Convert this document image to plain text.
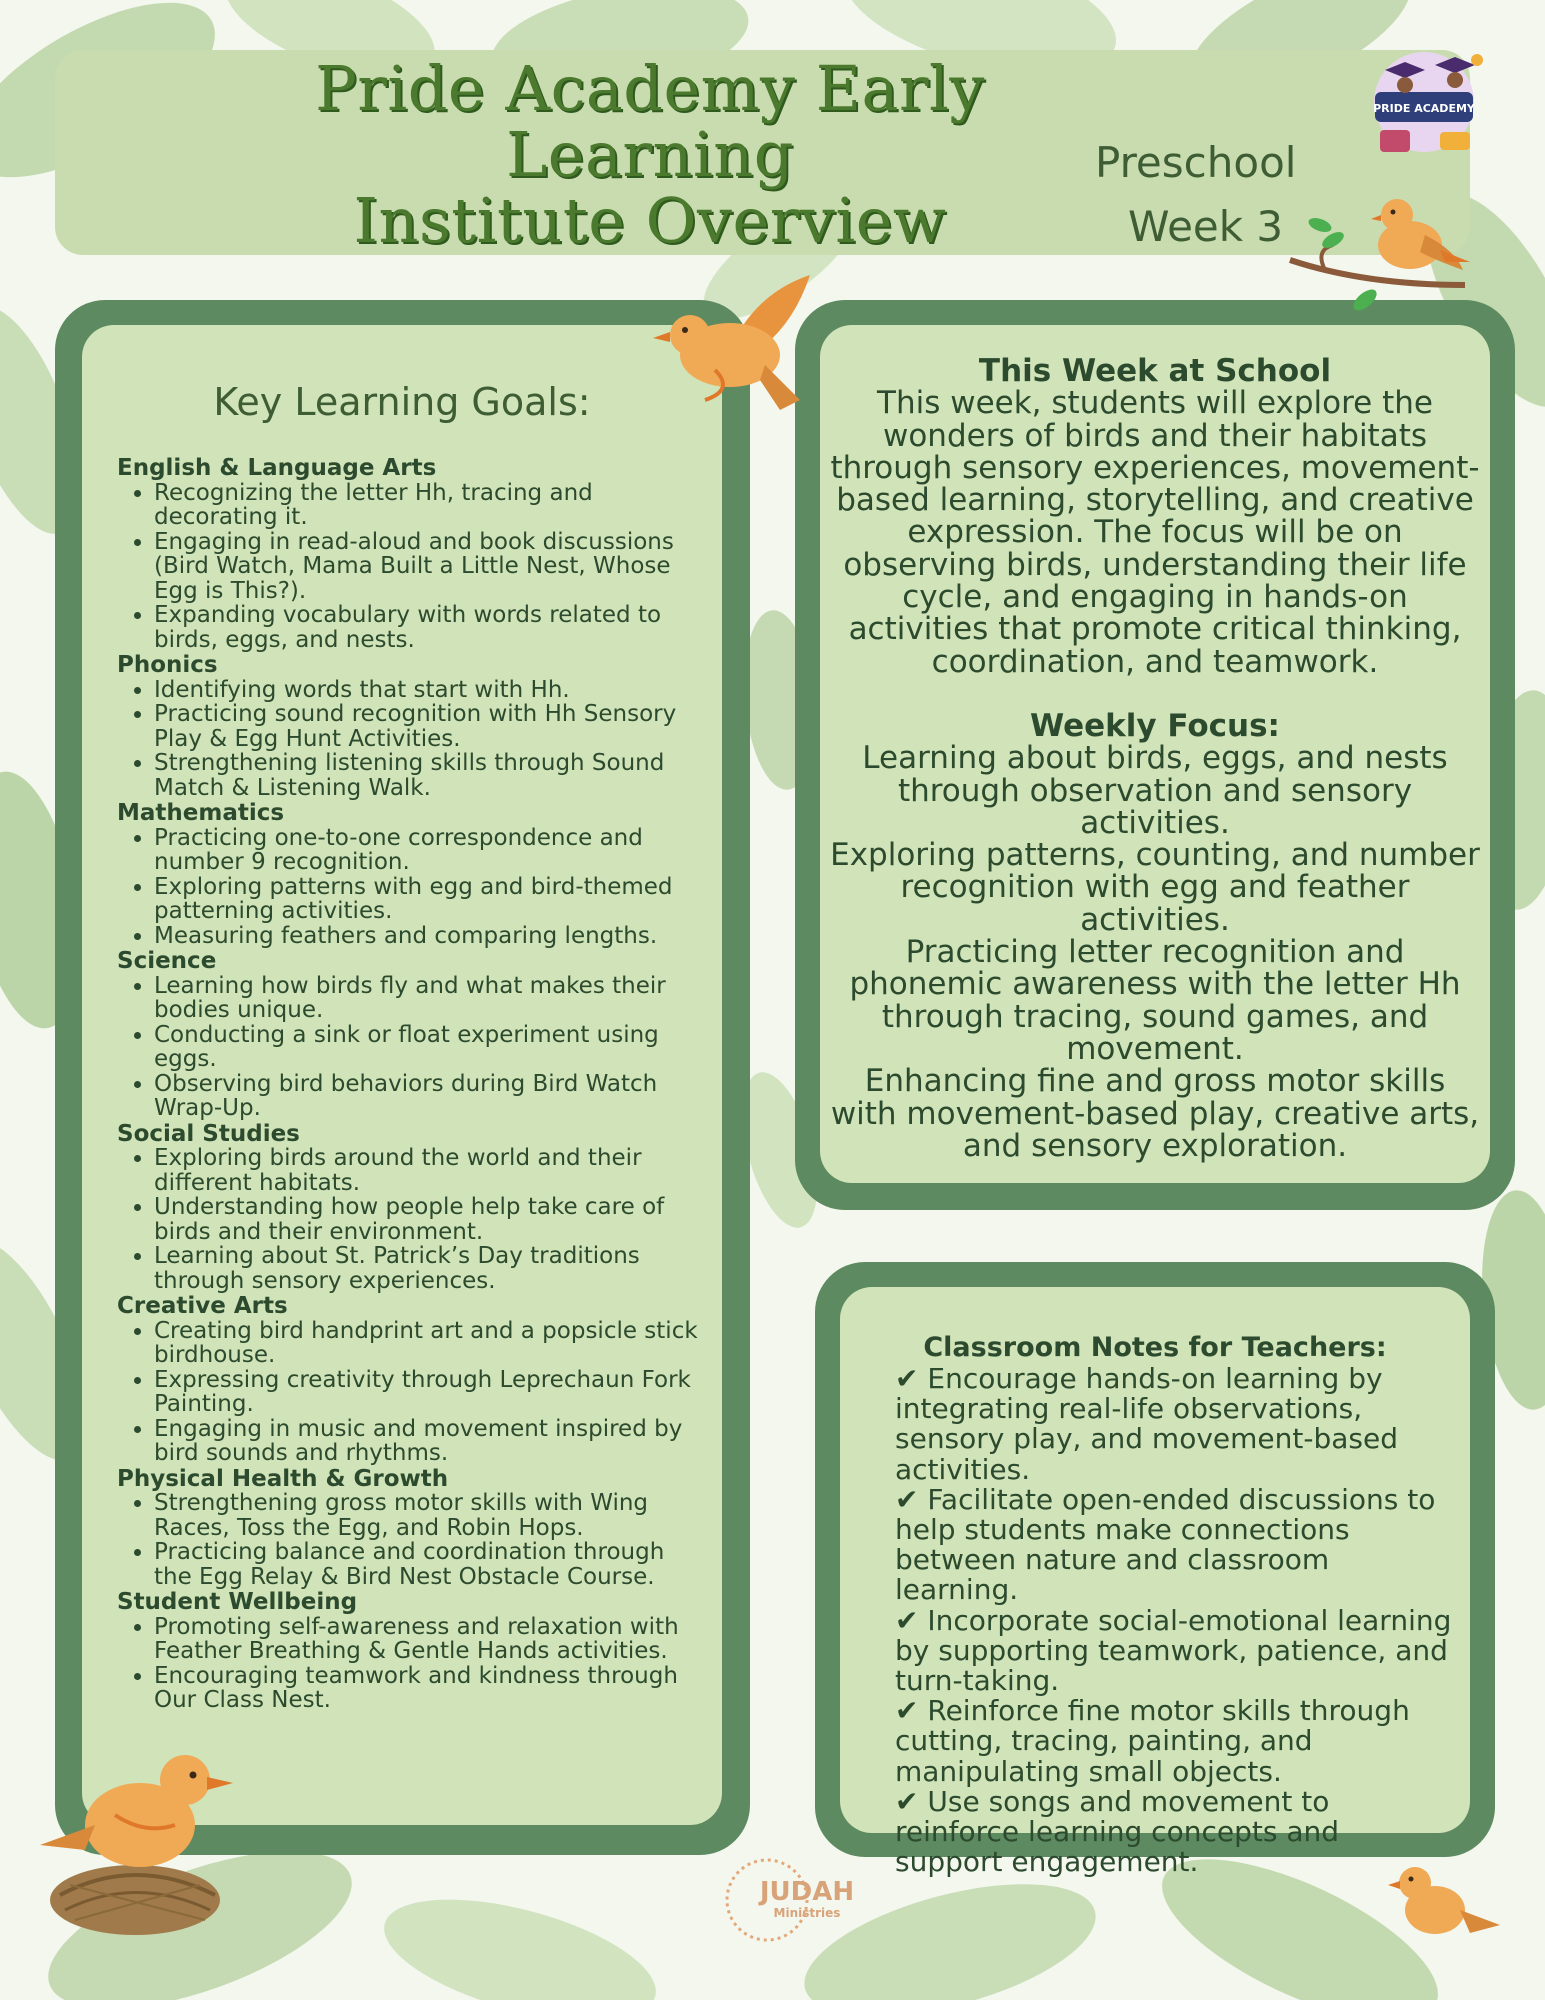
Pride Academy Early Learning
Institute Overview
Preschool
Week 3
PRIDE ACADEMY
Key Learning Goals:
English & Language Arts
• Recognizing the letter Hh, tracing and decorating it.
• Engaging in read-aloud and book discussions (Bird Watch, Mama Built a Little Nest, Whose Egg is This?).
• Expanding vocabulary with words related to birds, eggs, and nests.
Phonics
• Identifying words that start with Hh.
• Practicing sound recognition with Hh Sensory Play & Egg Hunt Activities.
• Strengthening listening skills through Sound Match & Listening Walk.
Mathematics
• Practicing one-to-one correspondence and number 9 recognition.
• Exploring patterns with egg and bird-themed patterning activities.
• Measuring feathers and comparing lengths.
Science
• Learning how birds fly and what makes their bodies unique.
• Conducting a sink or float experiment using eggs.
• Observing bird behaviors during Bird Watch Wrap-Up.
Social Studies
• Exploring birds around the world and their different habitats.
• Understanding how people help take care of birds and their environment.
• Learning about St. Patrick’s Day traditions through sensory experiences.
Creative Arts
• Creating bird handprint art and a popsicle stick birdhouse.
• Expressing creativity through Leprechaun Fork Painting.
• Engaging in music and movement inspired by bird sounds and rhythms.
Physical Health & Growth
• Strengthening gross motor skills with Wing Races, Toss the Egg, and Robin Hops.
• Practicing balance and coordination through the Egg Relay & Bird Nest Obstacle Course.
Student Wellbeing
• Promoting self-awareness and relaxation with Feather Breathing & Gentle Hands activities.
• Encouraging teamwork and kindness through Our Class Nest.
This Week at School
This week, students will explore the wonders of birds and their habitats through sensory experiences, movement-based learning, storytelling, and creative expression. The focus will be on observing birds, understanding their life cycle, and engaging in hands-on activities that promote critical thinking, coordination, and teamwork.
Weekly Focus:
Learning about birds, eggs, and nests through observation and sensory activities.
Exploring patterns, counting, and number recognition with egg and feather activities.
Practicing letter recognition and phonemic awareness with the letter Hh through tracing, sound games, and movement.
Enhancing fine and gross motor skills with movement-based play, creative arts, and sensory exploration.
Classroom Notes for Teachers:

✔ Encourage hands-on learning by integrating real-life observations, sensory play, and movement-based activities.

✔ Facilitate open-ended discussions to help students make connections between nature and classroom learning.

✔ Incorporate social-emotional learning by supporting teamwork, patience, and turn-taking.

✔ Reinforce fine motor skills through cutting, tracing, painting, and manipulating small objects.

✔ Use songs and movement to reinforce learning concepts and support engagement.

JUDAH
Ministries
